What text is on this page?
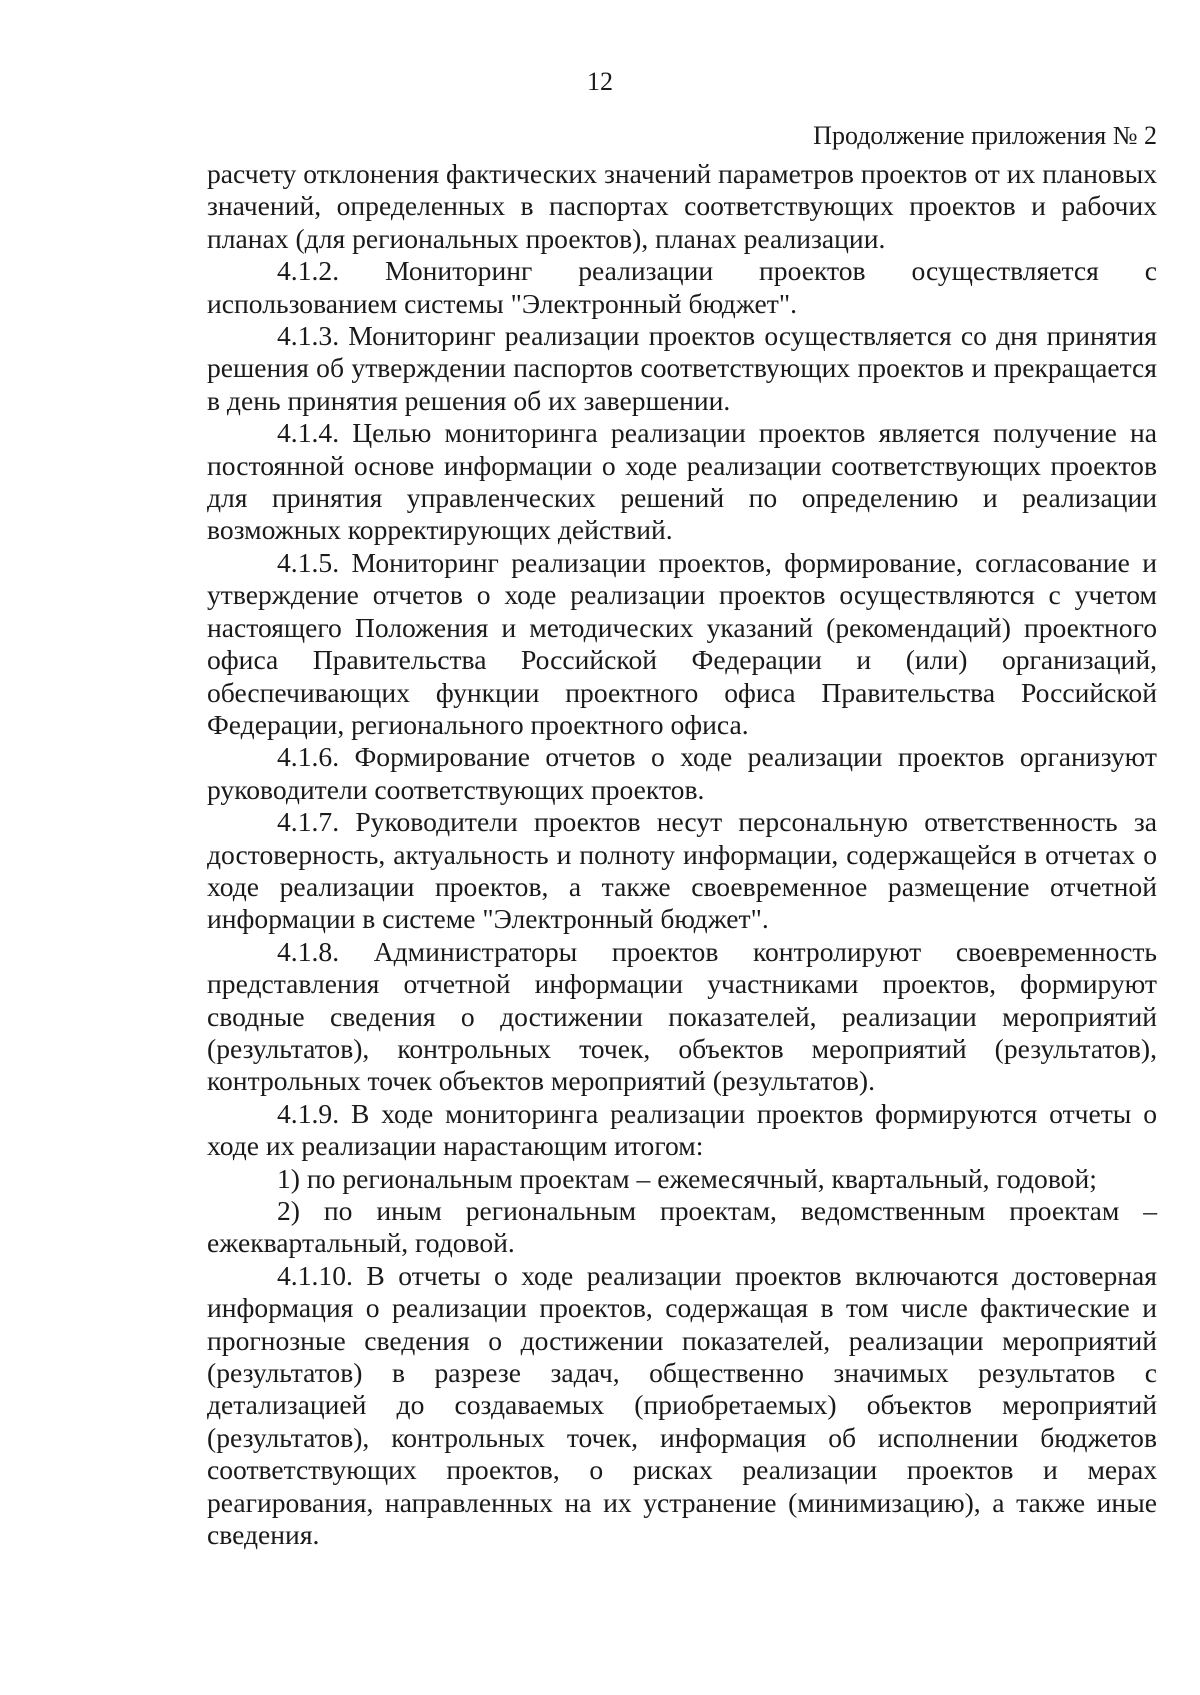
12
Продолжение приложения № 2

расчету отклонения фактических значений параметров проектов от их плановых значений, определенных в паспортах соответствующих проектов и рабочих планах (для региональных проектов), планах реализации.

4.1.2. Мониторинг реализации проектов осуществляется с использованием системы "Электронный бюджет".

4.1.3. Мониторинг реализации проектов осуществляется со дня принятия решения об утверждении паспортов соответствующих проектов и прекращается в день принятия решения об их завершении.

4.1.4. Целью мониторинга реализации проектов является получение на постоянной основе информации о ходе реализации соответствующих проектов для принятия управленческих решений по определению и реализации возможных корректирующих действий.

4.1.5. Мониторинг реализации проектов, формирование, согласование и утверждение отчетов о ходе реализации проектов осуществляются с учетом настоящего Положения и методических указаний (рекомендаций) проектного офиса Правительства Российской Федерации и (или) организаций, обеспечивающих функции проектного офиса Правительства Российской Федерации, регионального проектного офиса.

4.1.6. Формирование отчетов о ходе реализации проектов организуют руководители соответствующих проектов.

4.1.7. Руководители проектов несут персональную ответственность за достоверность, актуальность и полноту информации, содержащейся в отчетах о ходе реализации проектов, а также своевременное размещение отчетной информации в системе "Электронный бюджет".

4.1.8. Администраторы проектов контролируют своевременность представления отчетной информации участниками проектов, формируют сводные сведения о достижении показателей, реализации мероприятий (результатов), контрольных точек, объектов мероприятий (результатов), контрольных точек объектов мероприятий (результатов).

4.1.9. В ходе мониторинга реализации проектов формируются отчеты о ходе их реализации нарастающим итогом:

1) по региональным проектам – ежемесячный, квартальный, годовой;

2) по иным региональным проектам, ведомственным проектам – ежеквартальный, годовой.

4.1.10. В отчеты о ходе реализации проектов включаются достоверная информация о реализации проектов, содержащая в том числе фактические и прогнозные сведения о достижении показателей, реализации мероприятий (результатов) в разрезе задач, общественно значимых результатов с детализацией до создаваемых (приобретаемых) объектов мероприятий (результатов), контрольных точек, информация об исполнении бюджетов соответствующих проектов, о рисках реализации проектов и мерах реагирования, направленных на их устранение (минимизацию), а также иные сведения.
